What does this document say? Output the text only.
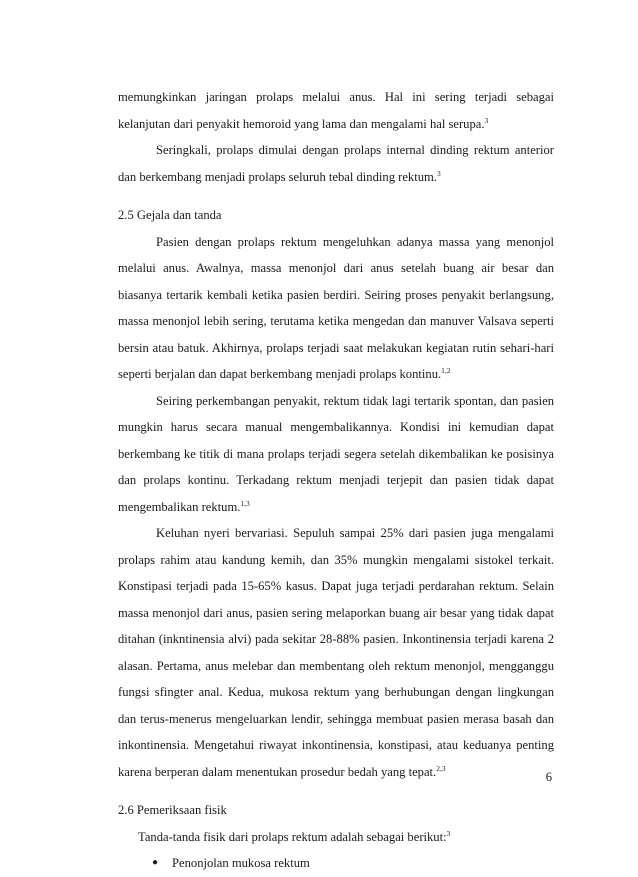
memungkinkan jaringan prolaps melalui anus. Hal ini sering terjadi sebagai kelanjutan dari penyakit hemoroid yang lama dan mengalami hal serupa.$^3$

Seringkali, prolaps dimulai dengan prolaps internal dinding rektum anterior dan berkembang menjadi prolaps seluruh tebal dinding rektum.$^3$

2.5 Gejala dan tanda

Pasien dengan prolaps rektum mengeluhkan adanya massa yang menonjol melalui anus. Awalnya, massa menonjol dari anus setelah buang air besar dan biasanya tertarik kembali ketika pasien berdiri. Seiring proses penyakit berlangsung, massa menonjol lebih sering, terutama ketika mengedan dan manuver Valsava seperti bersin atau batuk. Akhirnya, prolaps terjadi saat melakukan kegiatan rutin sehari-hari seperti berjalan dan dapat berkembang menjadi prolaps kontinu.$^{1,2}$

Seiring perkembangan penyakit, rektum tidak lagi tertarik spontan, dan pasien mungkin harus secara manual mengembalikannya. Kondisi ini kemudian dapat berkembang ke titik di mana prolaps terjadi segera setelah dikembalikan ke posisinya dan prolaps kontinu. Terkadang rektum menjadi terjepit dan pasien tidak dapat mengembalikan rektum.$^{1,3}$

Keluhan nyeri bervariasi. Sepuluh sampai 25% dari pasien juga mengalami prolaps rahim atau kandung kemih, dan 35% mungkin mengalami sistokel terkait. Konstipasi terjadi pada 15-65% kasus. Dapat juga terjadi perdarahan rektum. Selain massa menonjol dari anus, pasien sering melaporkan buang air besar yang tidak dapat ditahan (inkntinensia alvi) pada sekitar 28-88% pasien. Inkontinensia terjadi karena 2 alasan. Pertama, anus melebar dan membentang oleh rektum menonjol, mengganggu fungsi sfingter anal. Kedua, mukosa rektum yang berhubungan dengan lingkungan dan terus-menerus mengeluarkan lendir, sehingga membuat pasien merasa basah dan inkontinensia. Mengetahui riwayat inkontinensia, konstipasi, atau keduanya penting karena berperan dalam menentukan prosedur bedah yang tepat.$^{2,3}$

2.6 Pemeriksaan fisik

Tanda-tanda fisik dari prolaps rektum adalah sebagai berikut:$^3$

● Penonjolan mukosa rektum
6
